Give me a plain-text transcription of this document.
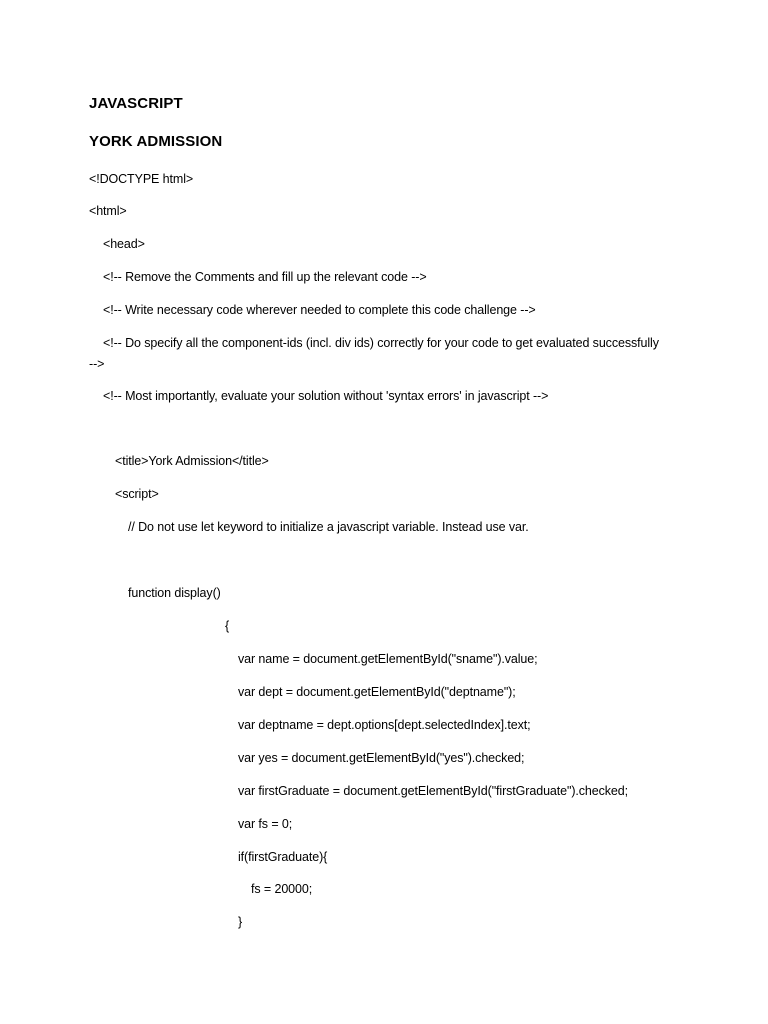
JAVASCRIPT
YORK ADMISSION
<!DOCTYPE html>
<html>
<head>
<!-- Remove the Comments and fill up the relevant code -->
<!-- Write necessary code wherever needed to complete this code challenge -->
<!-- Do specify all the component-ids (incl. div ids) correctly for your code to get evaluated successfully
-->
<!-- Most importantly, evaluate your solution without 'syntax errors' in javascript -->
<title>York Admission</title>
<script>
// Do not use let keyword to initialize a javascript variable. Instead use var.
function display()
{
var name = document.getElementById("sname").value;
var dept = document.getElementById("deptname");
var deptname = dept.options[dept.selectedIndex].text;
var yes = document.getElementById("yes").checked;
var firstGraduate = document.getElementById("firstGraduate").checked;
var fs = 0;
if(firstGraduate){
fs = 20000;
}
